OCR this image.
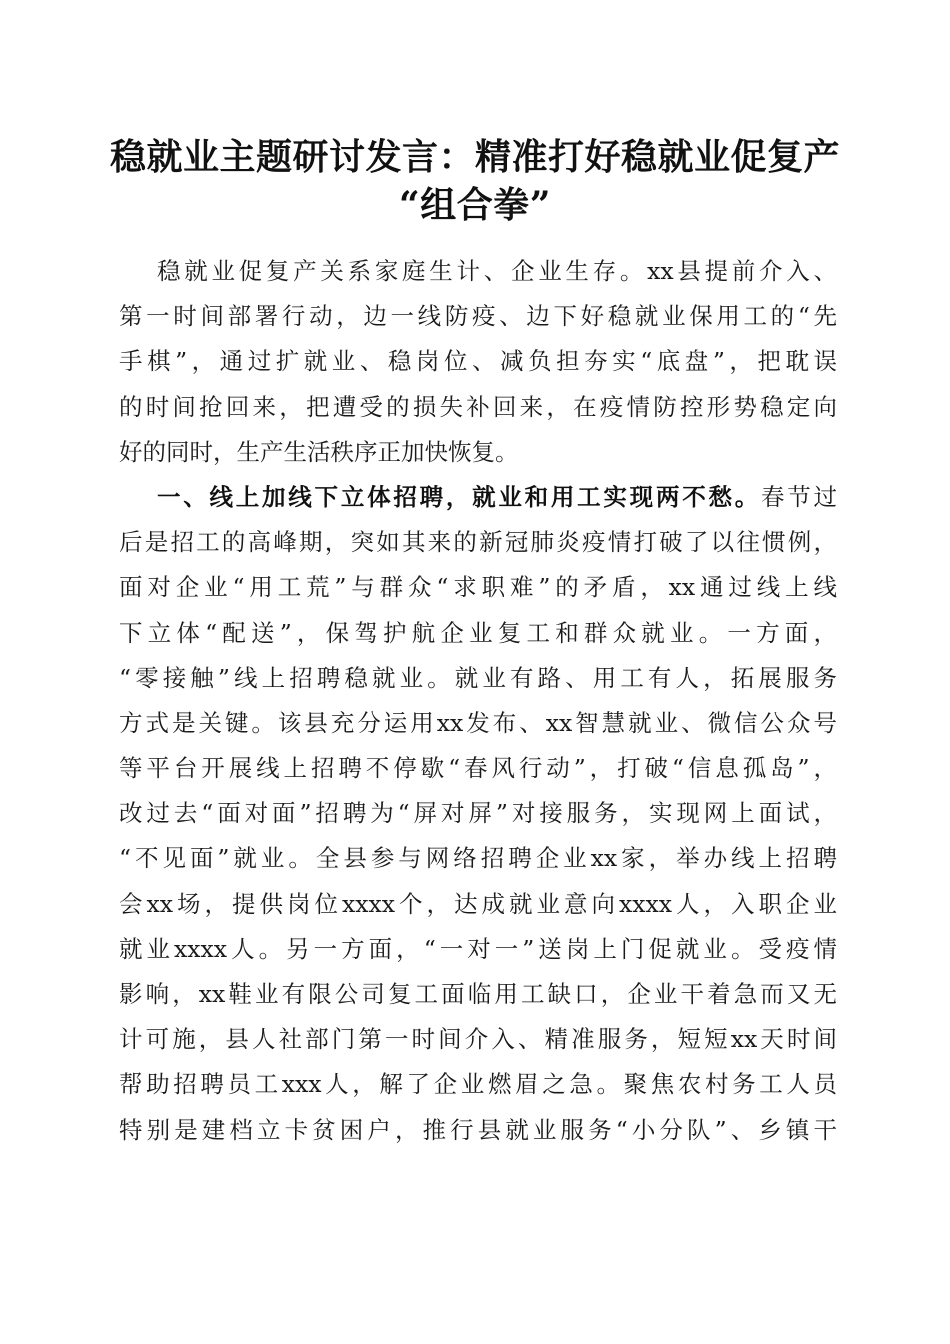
稳就业主题研讨发言：精准打好稳就业促复产
“组合拳”
稳就业促复产关系家庭生计、企业生存。xx县提前介入、
第一时间部署行动，边一线防疫、边下好稳就业保用工的“先
手棋”，通过扩就业、稳岗位、减负担夯实“底盘”，把耽误
的时间抢回来，把遭受的损失补回来，在疫情防控形势稳定向
好的同时，生产生活秩序正加快恢复。
一、线上加线下立体招聘，就业和用工实现两不愁。春节过
后是招工的高峰期，突如其来的新冠肺炎疫情打破了以往惯例，
面对企业“用工荒”与群众“求职难”的矛盾，xx通过线上线
下立体“配送”，保驾护航企业复工和群众就业。一方面，
“零接触”线上招聘稳就业。就业有路、用工有人，拓展服务
方式是关键。该县充分运用xx发布、xx智慧就业、微信公众号
等平台开展线上招聘不停歇“春风行动”，打破“信息孤岛”，
改过去“面对面”招聘为“屏对屏”对接服务，实现网上面试，
“不见面”就业。全县参与网络招聘企业xx家，举办线上招聘
会xx场，提供岗位xxxx个，达成就业意向xxxx人，入职企业
就业xxxx人。另一方面，“一对一”送岗上门促就业。受疫情
影响，xx鞋业有限公司复工面临用工缺口，企业干着急而又无
计可施，县人社部门第一时间介入、精准服务，短短xx天时间
帮助招聘员工xxx人，解了企业燃眉之急。聚焦农村务工人员
特别是建档立卡贫困户，推行县就业服务“小分队”、乡镇干
